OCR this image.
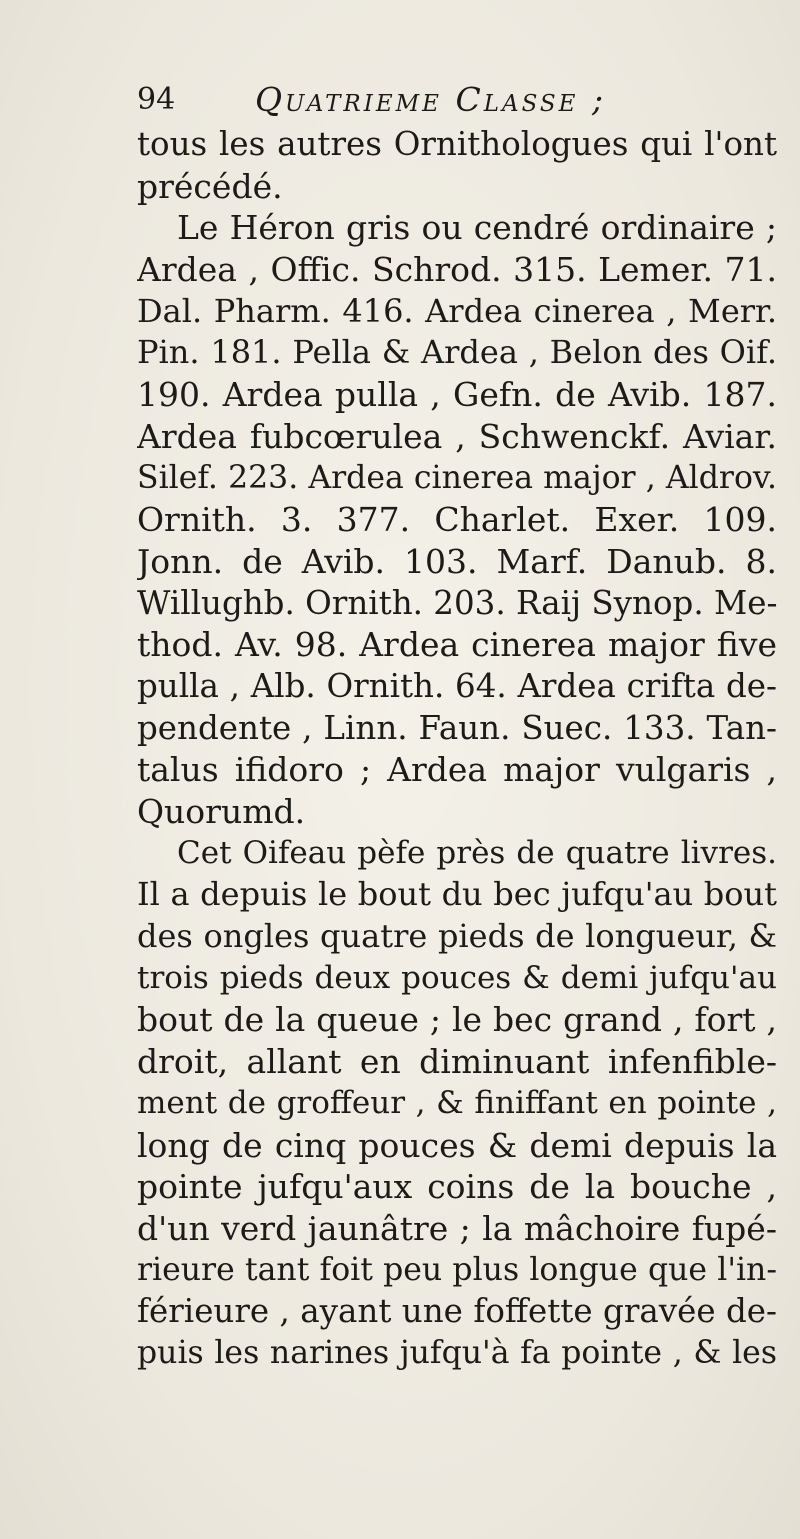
94 Quatrieme Classe ;
tous les autres Ornithologues qui l'ont
précédé.
Le Héron gris ou cendré ordinaire ;
Ardea , Offic. Schrod. 315. Lemer. 71.
Dal. Pharm. 416. Ardea cinerea , Merr.
Pin. 181. Pella & Ardea , Belon des Oif.
190. Ardea pulla , Gefn. de Avib. 187.
Ardea fubcœrulea , Schwenckf. Aviar.
Silef. 223. Ardea cinerea major , Aldrov.
Ornith. 3. 377. Charlet. Exer. 109.
Jonn. de Avib. 103. Marf. Danub. 8.
Willughb. Ornith. 203. Raij Synop. Me-
thod. Av. 98. Ardea cinerea major five
pulla , Alb. Ornith. 64. Ardea crifta de-
pendente , Linn. Faun. Suec. 133. Tan-
talus ifidoro ; Ardea major vulgaris ,
Quorumd.
Cet Oifeau pèfe près de quatre livres.
Il a depuis le bout du bec jufqu'au bout
des ongles quatre pieds de longueur, &
trois pieds deux pouces & demi jufqu'au
bout de la queue ; le bec grand , fort ,
droit, allant en diminuant infenfible-
ment de groffeur , & finiffant en pointe ,
long de cinq pouces & demi depuis la
pointe jufqu'aux coins de la bouche ,
d'un verd jaunâtre ; la mâchoire fupé-
rieure tant foit peu plus longue que l'in-
férieure , ayant une foffette gravée de-
puis les narines jufqu'à fa pointe , & les
